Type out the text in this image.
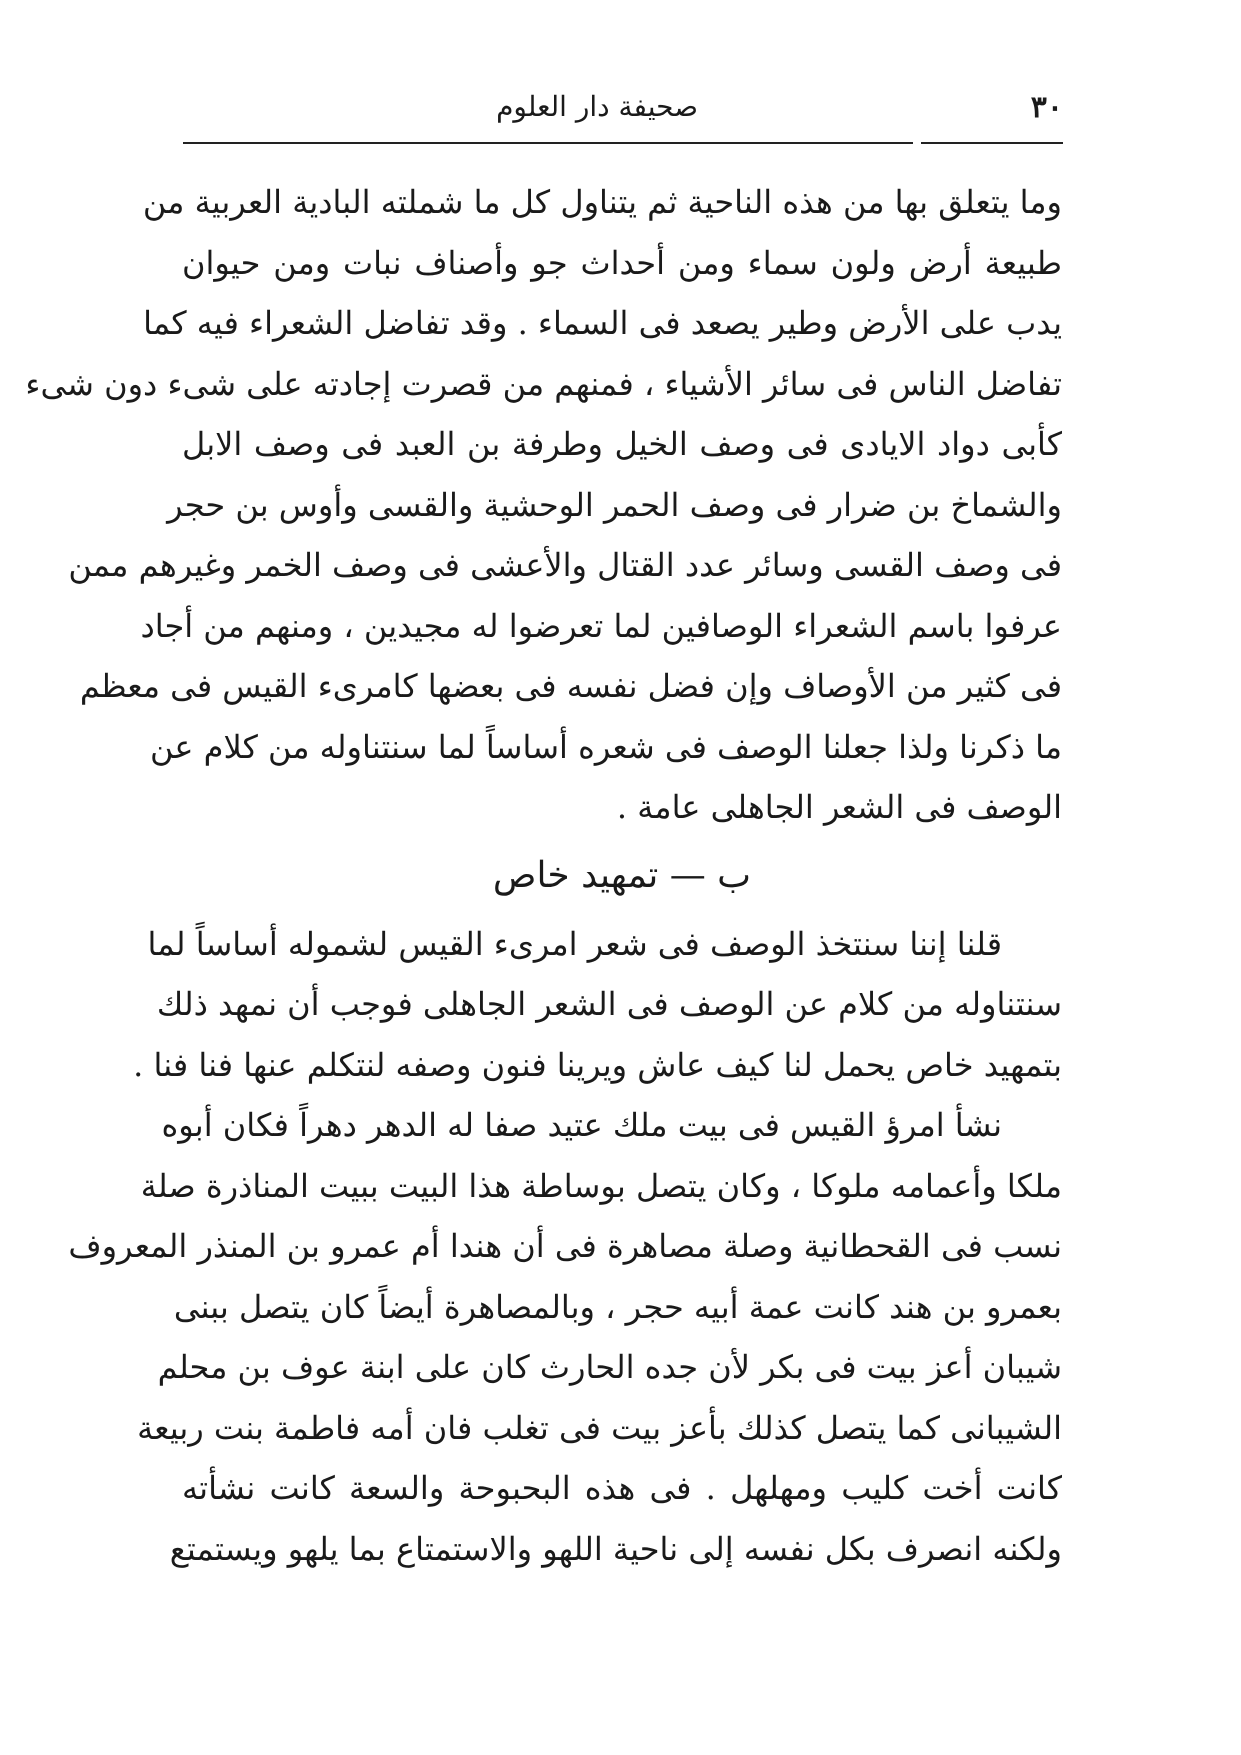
٣٠
صحيفة دار العلوم
وما يتعلق بها من هذه الناحية ثم يتناول كل ما شملته البادية العربية من
طبيعة أرض ولون سماء ومن أحداث جو وأصناف نبات ومن حيوان
يدب على الأرض وطير يصعد فى السماء . وقد تفاضل الشعراء فيه كما
تفاضل الناس فى سائر الأشياء ، فمنهم من قصرت إجادته على شىء دون شىء
كأبى دواد الايادى فى وصف الخيل وطرفة بن العبد فى وصف الابل
والشماخ بن ضرار فى وصف الحمر الوحشية والقسى وأوس بن حجر
فى وصف القسى وسائر عدد القتال والأعشى فى وصف الخمر وغيرهم ممن
عرفوا باسم الشعراء الوصافين لما تعرضوا له مجيدين ، ومنهم من أجاد
فى كثير من الأوصاف وإن فضل نفسه فى بعضها كامرىء القيس فى معظم
ما ذكرنا ولذا جعلنا الوصف فى شعره أساساً لما سنتناوله من كلام عن
الوصف فى الشعر الجاهلى عامة .
ب — تمهيد خاص
قلنا إننا سنتخذ الوصف فى شعر امرىء القيس لشموله أساساً لما
سنتناوله من كلام عن الوصف فى الشعر الجاهلى فوجب أن نمهد ذلك
بتمهيد خاص يحمل لنا كيف عاش ويرينا فنون وصفه لنتكلم عنها فنا فنا .
نشأ امرؤ القيس فى بيت ملك عتيد صفا له الدهر دهراً فكان أبوه
ملكا وأعمامه ملوكا ، وكان يتصل بوساطة هذا البيت ببيت المناذرة صلة
نسب فى القحطانية وصلة مصاهرة فى أن هندا أم عمرو بن المنذر المعروف
بعمرو بن هند كانت عمة أبيه حجر ، وبالمصاهرة أيضاً كان يتصل ببنى
شيبان أعز بيت فى بكر لأن جده الحارث كان على ابنة عوف بن محلم
الشيبانى كما يتصل كذلك بأعز بيت فى تغلب فان أمه فاطمة بنت ربيعة
كانت أخت كليب ومهلهل . فى هذه البحبوحة والسعة كانت نشأته
ولكنه انصرف بكل نفسه إلى ناحية اللهو والاستمتاع بما يلهو ويستمتع
